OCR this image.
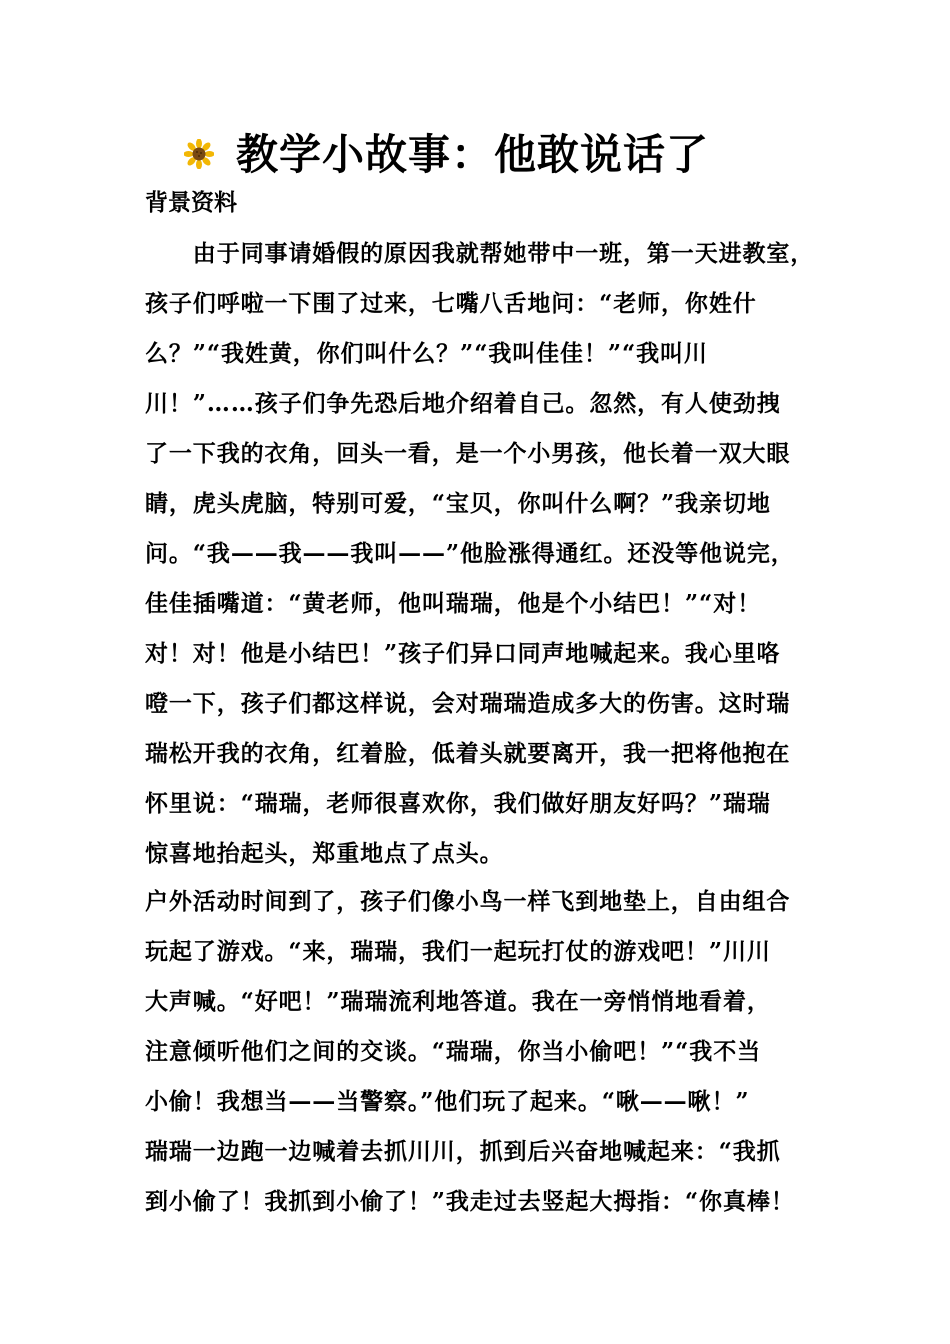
教学小故事：他敢说话了
背景资料
　　由于同事请婚假的原因我就帮她带中一班，第一天进教室，
孩子们呼啦一下围了过来，七嘴八舌地问：“老师，你姓什
么？”“我姓黄，你们叫什么？”“我叫佳佳！”“我叫川
川！”……孩子们争先恐后地介绍着自己。忽然，有人使劲拽
了一下我的衣角，回头一看，是一个小男孩，他长着一双大眼
睛，虎头虎脑，特别可爱，“宝贝，你叫什么啊？”我亲切地
问。“我——我——我叫——”他脸涨得通红。还没等他说完，
佳佳插嘴道：“黄老师，他叫瑞瑞，他是个小结巴！”“对！
对！对！他是小结巴！”孩子们异口同声地喊起来。我心里咯
噔一下，孩子们都这样说，会对瑞瑞造成多大的伤害。这时瑞
瑞松开我的衣角，红着脸，低着头就要离开，我一把将他抱在
怀里说：“瑞瑞，老师很喜欢你，我们做好朋友好吗？”瑞瑞
惊喜地抬起头，郑重地点了点头。
户外活动时间到了，孩子们像小鸟一样飞到地垫上，自由组合
玩起了游戏。“来，瑞瑞，我们一起玩打仗的游戏吧！”川川
大声喊。“好吧！”瑞瑞流利地答道。我在一旁悄悄地看着，
注意倾听他们之间的交谈。“瑞瑞，你当小偷吧！”“我不当
小偷！我想当——当警察。”他们玩了起来。“啾——啾！”
瑞瑞一边跑一边喊着去抓川川，抓到后兴奋地喊起来：“我抓
到小偷了！我抓到小偷了！”我走过去竖起大拇指：“你真棒！
